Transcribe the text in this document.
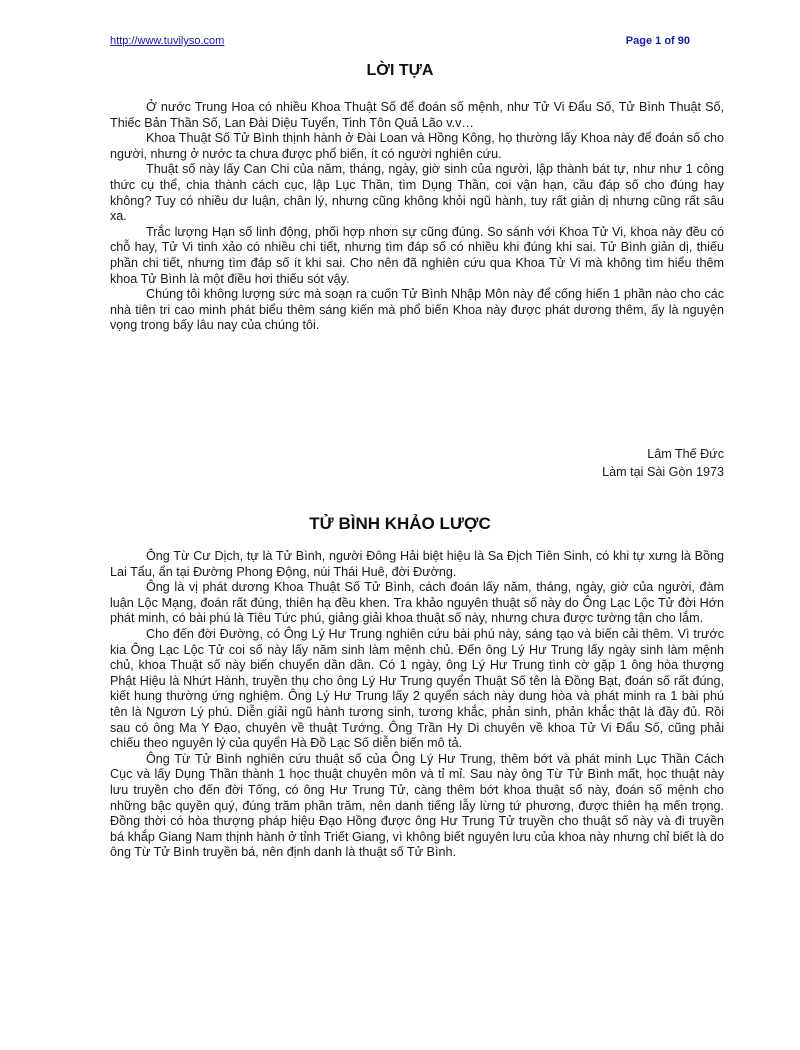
http://www.tuvilyso.com	Page 1 of 90
LỜI TỰA

Ở nước Trung Hoa có nhiều Khoa Thuật Số để đoán số mệnh, như Tử Vi Đẩu Số, Tử Bình Thuật Số, Thiếc Bản Thần Số, Lan Đài Diệu Tuyển, Tinh Tôn Quả Lão v.v…

Khoa Thuật Số Tử Bình thịnh hành ở Đài Loan và Hồng Kông, họ thường lấy Khoa này để đoán số cho người, nhưng ở nước ta chưa được phổ biến, ít có người nghiên cứu.

Thuật số này lấy Can Chi của năm, tháng, ngày, giờ sinh của người, lập thành bát tự, như như 1 công thức cụ thể, chia thành cách cục, lập Lục Thần, tìm Dụng Thần, coi vận hạn, cầu đáp số cho đúng hay không? Tuy có nhiều dư luận, chân lý, nhưng cũng không khỏi ngũ hành, tuy rất giản dị nhưng cũng rất sâu xa.

Trắc lượng Hạn số linh động, phối hợp nhơn sự cũng đúng. So sánh với Khoa Tử Vi, khoa này đều có chỗ hay, Tử Vi tinh xảo có nhiều chi tiết, nhưng tìm đáp số có nhiều khi đúng khi sai. Tử Bình giản dị, thiếu phần chi tiết, nhưng tìm đáp số ít khi sai. Cho nên đã nghiên cứu qua Khoa Tử Vi mà không tìm hiểu thêm khoa Tử Bình là một điều hơi thiếu sót vậy.

Chúng tôi không lượng sức mà soạn ra cuốn Tử Bình Nhập Môn này để cống hiến 1 phần nào cho các nhà tiên tri cao minh phát biểu thêm sáng kiến mà phổ biến Khoa này được phát dương thêm, ấy là nguyện vọng trong bấy lâu nay của chúng tôi.

Lâm Thế Đức
Làm tại Sài Gòn 1973
TỬ BÌNH KHẢO LƯỢC

Ông Từ Cư Dịch, tự là Tử Bình, người Đông Hải biệt hiệu là Sa Địch Tiên Sinh, có khi tự xưng là Bồng Lai Tẩu, ẩn tại Đường Phong Động, núi Thái Huê, đời Đường.

Ông là vị phát dương Khoa Thuật Số Tử Bình, cách đoán lấy năm, tháng, ngày, giờ của người, đàm luận Lộc Mạng, đoán rất đúng, thiên hạ đều khen. Tra khảo nguyên thuật số này do Ông Lạc Lộc Tử đời Hớn phát minh, có bài phú là Tiêu Tức phú, giảng giải khoa thuật số này, nhưng chưa được tường tận cho lắm.

Cho đến đời Đường, có Ông Lý Hư Trung nghiên cứu bài phú này, sáng tạo và biến cải thêm. Vì trước kia Ông Lạc Lộc Tử coi số này lấy năm sinh làm mệnh chủ. Đến ông Lý Hư Trung lấy ngày sinh làm mệnh chủ, khoa Thuật số này biến chuyển dần dần. Có 1 ngày, ông Lý Hư Trung tình cờ gặp 1 ông hòa thượng Phật Hiệu là Nhứt Hành, truyền thụ cho ông Lý Hư Trung quyển Thuật Số tên là Đồng Bạt, đoán số rất đúng, kiết hung thường ứng nghiệm. Ông Lý Hư Trung lấy 2 quyển sách này dung hòa và phát minh ra 1 bài phú tên là Ngươn Lý phú. Diễn giải ngũ hành tương sinh, tương khắc, phản sinh, phản khắc thật là đầy đủ. Rồi sau có ông Ma Y Đạo, chuyên về thuật Tướng. Ông Trần Hy Di chuyên về khoa Tử Vi Đẩu Số, cũng phải chiếu theo nguyên lý của quyển Hà Đồ Lạc Số diễn biến mô tả.

Ông Từ Tử Bình nghiên cứu thuật số của Ông Lý Hư Trung, thêm bớt và phát minh Lục Thần Cách Cục và lấy Dụng Thần thành 1 học thuật chuyên môn và tỉ mỉ. Sau này ông Từ Tử Bình mất, học thuật này lưu truyền cho đến đời Tống, có ông Hư Trung Tử, càng thêm bớt khoa thuật số này, đoán số mệnh cho những bậc quyền quý, đúng trăm phần trăm, nên danh tiếng lẫy lừng tứ phương, được thiên hạ mến trọng. Đồng thời có hòa thượng pháp hiệu Đạo Hồng được ông Hư Trung Tử truyền cho thuật số này và đi truyền bá khắp Giang Nam thịnh hành ở tỉnh Triết Giang, vì không biết nguyên lưu của khoa này nhưng chỉ biết là do ông Từ Tử Bình truyền bá, nên định danh là thuật số Tử Bình.
